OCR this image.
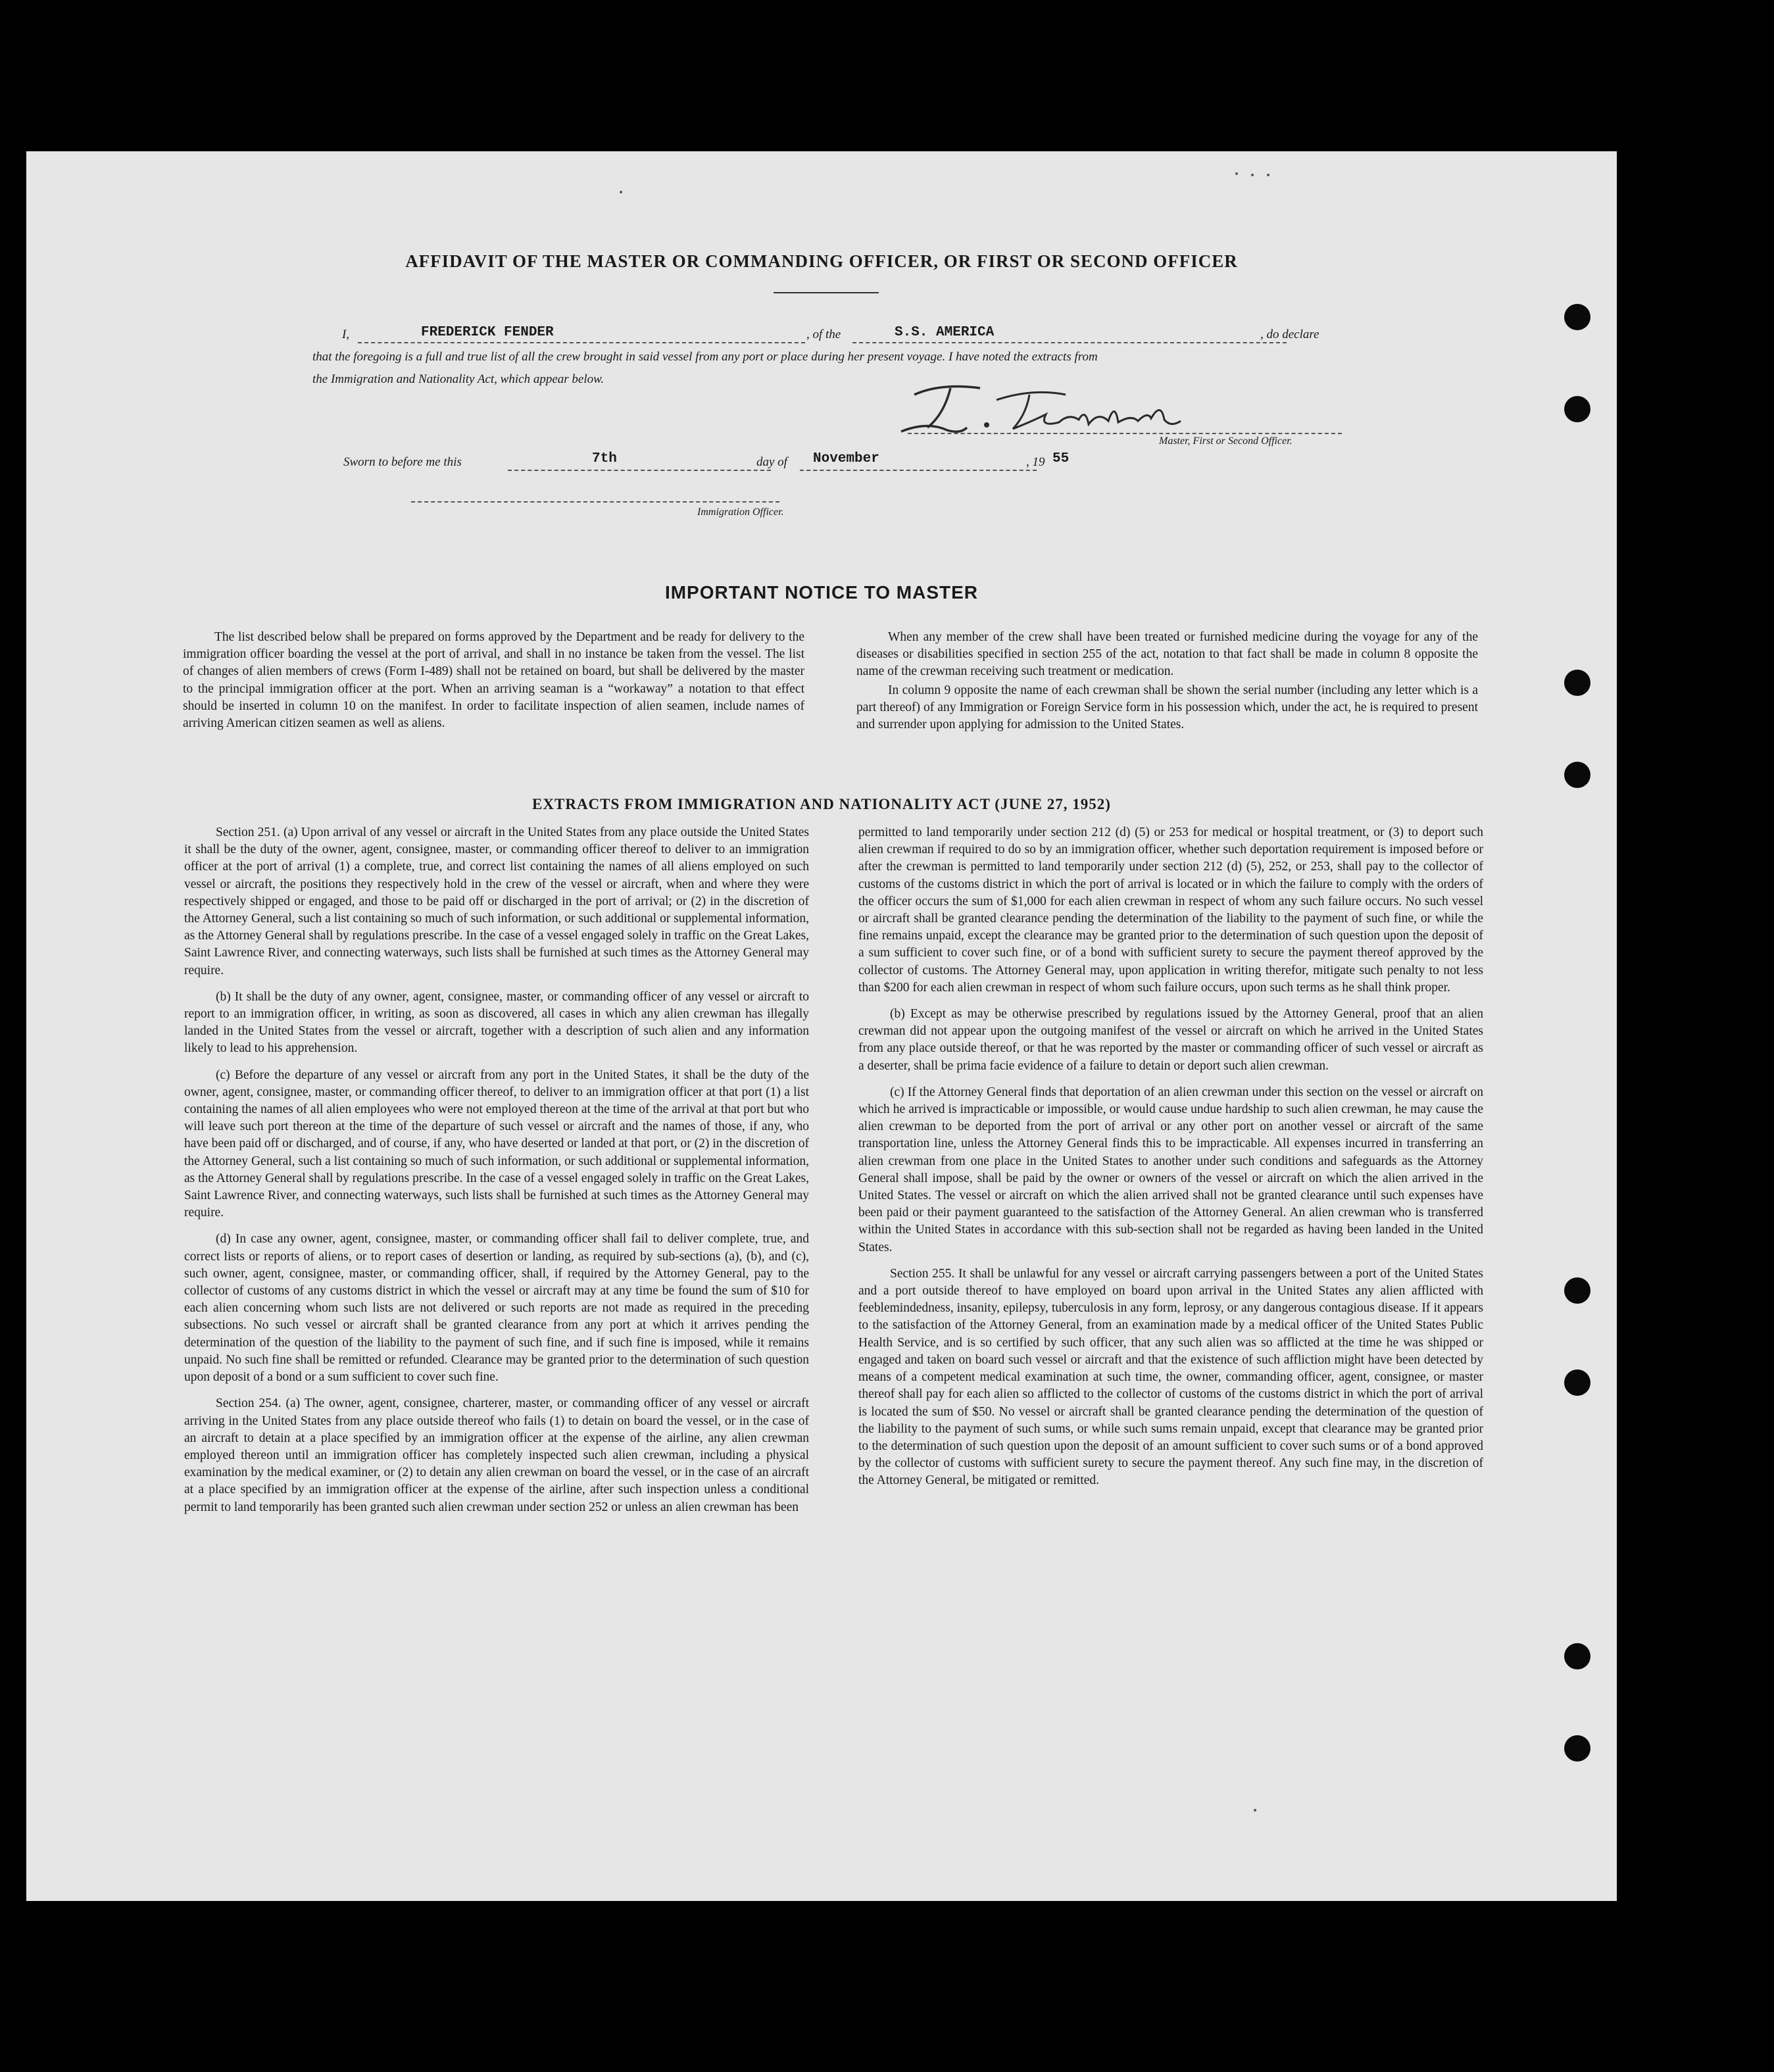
AFFIDAVIT OF THE MASTER OR COMMANDING OFFICER, OR FIRST OR SECOND OFFICER
I,	FREDERICK FENDER	, of the	S.S. AMERICA	, do declare
that the foregoing is a full and true list of all the crew brought in said vessel from any port or place during her present voyage. I have noted the extracts from
the Immigration and Nationality Act, which appear below.
Master, First or Second Officer.
Sworn to before me this	7th	day of November	, 19 55
Immigration Officer.
IMPORTANT NOTICE TO MASTER

The list described below shall be prepared on forms approved by the Department and be ready for delivery to the immigration officer boarding the vessel at the port of arrival, and shall in no instance be taken from the vessel. The list of changes of alien members of crews (Form I-489) shall not be retained on board, but shall be delivered by the master to the principal immigration officer at the port. When an arriving seaman is a “workaway” a notation to that effect should be inserted in column 10 on the manifest. In order to facilitate inspection of alien seamen, include names of arriving American citizen seamen as well as aliens.

When any member of the crew shall have been treated or furnished medicine during the voyage for any of the diseases or disabilities specified in section 255 of the act, notation to that fact shall be made in column 8 opposite the name of the crewman receiving such treatment or medication.

In column 9 opposite the name of each crewman shall be shown the serial number (including any letter which is a part thereof) of any Immigration or Foreign Service form in his possession which, under the act, he is required to present and surrender upon applying for admission to the United States.

EXTRACTS FROM IMMIGRATION AND NATIONALITY ACT (JUNE 27, 1952)

Section 251. (a) Upon arrival of any vessel or aircraft in the United States from any place outside the United States it shall be the duty of the owner, agent, consignee, master, or commanding officer thereof to deliver to an immigration officer at the port of arrival (1) a complete, true, and correct list containing the names of all aliens employed on such vessel or aircraft, the positions they respectively hold in the crew of the vessel or aircraft, when and where they were respectively shipped or engaged, and those to be paid off or discharged in the port of arrival; or (2) in the discretion of the Attorney General, such a list containing so much of such information, or such additional or supplemental information, as the Attorney General shall by regulations prescribe. In the case of a vessel engaged solely in traffic on the Great Lakes, Saint Lawrence River, and connecting waterways, such lists shall be furnished at such times as the Attorney General may require.

(b) It shall be the duty of any owner, agent, consignee, master, or commanding officer of any vessel or aircraft to report to an immigration officer, in writing, as soon as discovered, all cases in which any alien crewman has illegally landed in the United States from the vessel or aircraft, together with a description of such alien and any information likely to lead to his apprehension.

(c) Before the departure of any vessel or aircraft from any port in the United States, it shall be the duty of the owner, agent, consignee, master, or commanding officer thereof, to deliver to an immigration officer at that port (1) a list containing the names of all alien employees who were not employed thereon at the time of the arrival at that port but who will leave such port thereon at the time of the departure of such vessel or aircraft and the names of those, if any, who have been paid off or discharged, and of course, if any, who have deserted or landed at that port, or (2) in the discretion of the Attorney General, such a list containing so much of such information, or such additional or supplemental information, as the Attorney General shall by regulations prescribe. In the case of a vessel engaged solely in traffic on the Great Lakes, Saint Lawrence River, and connecting waterways, such lists shall be furnished at such times as the Attorney General may require.

(d) In case any owner, agent, consignee, master, or commanding officer shall fail to deliver complete, true, and correct lists or reports of aliens, or to report cases of desertion or landing, as required by sub-sections (a), (b), and (c), such owner, agent, consignee, master, or commanding officer, shall, if required by the Attorney General, pay to the collector of customs of any customs district in which the vessel or aircraft may at any time be found the sum of $10 for each alien concerning whom such lists are not delivered or such reports are not made as required in the preceding subsections. No such vessel or aircraft shall be granted clearance from any port at which it arrives pending the determination of the question of the liability to the payment of such fine, and if such fine is imposed, while it remains unpaid. No such fine shall be remitted or refunded. Clearance may be granted prior to the determination of such question upon deposit of a bond or a sum sufficient to cover such fine.

Section 254. (a) The owner, agent, consignee, charterer, master, or commanding officer of any vessel or aircraft arriving in the United States from any place outside thereof who fails (1) to detain on board the vessel, or in the case of an aircraft to detain at a place specified by an immigration officer at the expense of the airline, any alien crewman employed thereon until an immigration officer has completely inspected such alien crewman, including a physical examination by the medical examiner, or (2) to detain any alien crewman on board the vessel, or in the case of an aircraft at a place specified by an immigration officer at the expense of the airline, after such inspection unless a conditional permit to land temporarily has been granted such alien crewman under section 252 or unless an alien crewman has been

permitted to land temporarily under section 212 (d) (5) or 253 for medical or hospital treatment, or (3) to deport such alien crewman if required to do so by an immigration officer, whether such deportation requirement is imposed before or after the crewman is permitted to land temporarily under section 212 (d) (5), 252, or 253, shall pay to the collector of customs of the customs district in which the port of arrival is located or in which the failure to comply with the orders of the officer occurs the sum of $1,000 for each alien crewman in respect of whom any such failure occurs. No such vessel or aircraft shall be granted clearance pending the determination of the liability to the payment of such fine, or while the fine remains unpaid, except the clearance may be granted prior to the determination of such question upon the deposit of a sum sufficient to cover such fine, or of a bond with sufficient surety to secure the payment thereof approved by the collector of customs. The Attorney General may, upon application in writing therefor, mitigate such penalty to not less than $200 for each alien crewman in respect of whom such failure occurs, upon such terms as he shall think proper.

(b) Except as may be otherwise prescribed by regulations issued by the Attorney General, proof that an alien crewman did not appear upon the outgoing manifest of the vessel or aircraft on which he arrived in the United States from any place outside thereof, or that he was reported by the master or commanding officer of such vessel or aircraft as a deserter, shall be prima facie evidence of a failure to detain or deport such alien crewman.

(c) If the Attorney General finds that deportation of an alien crewman under this section on the vessel or aircraft on which he arrived is impracticable or impossible, or would cause undue hardship to such alien crewman, he may cause the alien crewman to be deported from the port of arrival or any other port on another vessel or aircraft of the same transportation line, unless the Attorney General finds this to be impracticable. All expenses incurred in transferring an alien crewman from one place in the United States to another under such conditions and safeguards as the Attorney General shall impose, shall be paid by the owner or owners of the vessel or aircraft on which the alien arrived in the United States. The vessel or aircraft on which the alien arrived shall not be granted clearance until such expenses have been paid or their payment guaranteed to the satisfaction of the Attorney General. An alien crewman who is transferred within the United States in accordance with this sub-section shall not be regarded as having been landed in the United States.

Section 255. It shall be unlawful for any vessel or aircraft carrying passengers between a port of the United States and a port outside thereof to have employed on board upon arrival in the United States any alien afflicted with feeblemindedness, insanity, epilepsy, tuberculosis in any form, leprosy, or any dangerous contagious disease. If it appears to the satisfaction of the Attorney General, from an examination made by a medical officer of the United States Public Health Service, and is so certified by such officer, that any such alien was so afflicted at the time he was shipped or engaged and taken on board such vessel or aircraft and that the existence of such affliction might have been detected by means of a competent medical examination at such time, the owner, commanding officer, agent, consignee, or master thereof shall pay for each alien so afflicted to the collector of customs of the customs district in which the port of arrival is located the sum of $50. No vessel or aircraft shall be granted clearance pending the determination of the question of the liability to the payment of such sums, or while such sums remain unpaid, except that clearance may be granted prior to the determination of such question upon the deposit of an amount sufficient to cover such sums or of a bond approved by the collector of customs with sufficient surety to secure the payment thereof. Any such fine may, in the discretion of the Attorney General, be mitigated or remitted.
